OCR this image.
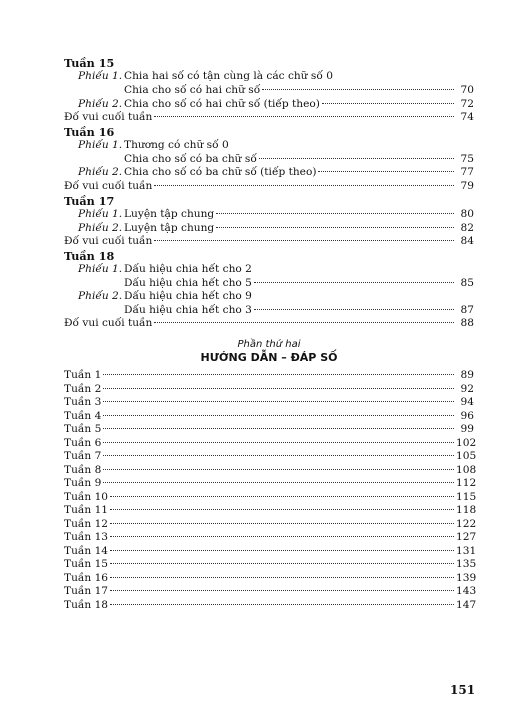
Tuần 15
Phiếu 1. Chia hai số có tận cùng là các chữ số 0
Chia cho số có hai chữ số	70
Phiếu 2. Chia cho số có hai chữ số (tiếp theo)	72
Đố vui cuối tuần	74
Tuần 16
Phiếu 1. Thương có chữ số 0
Chia cho số có ba chữ số	75
Phiếu 2. Chia cho số có ba chữ số (tiếp theo)	77
Đố vui cuối tuần	79
Tuần 17
Phiếu 1. Luyện tập chung	80
Phiếu 2. Luyện tập chung	82
Đố vui cuối tuần	84
Tuần 18
Phiếu 1. Dấu hiệu chia hết cho 2
Dấu hiệu chia hết cho 5	85
Phiếu 2. Dấu hiệu chia hết cho 9
Dấu hiệu chia hết cho 3	87
Đố vui cuối tuần	88
Phần thứ hai
HƯỚNG DẪN – ĐÁP SỐ
Tuần 1	89
Tuần 2	92
Tuần 3	94
Tuần 4	96
Tuần 5	99
Tuần 6	102
Tuần 7	105
Tuần 8	108
Tuần 9	112
Tuần 10	115
Tuần 11	118
Tuần 12	122
Tuần 13	127
Tuần 14	131
Tuần 15	135
Tuần 16	139
Tuần 17	143
Tuần 18	147
151
